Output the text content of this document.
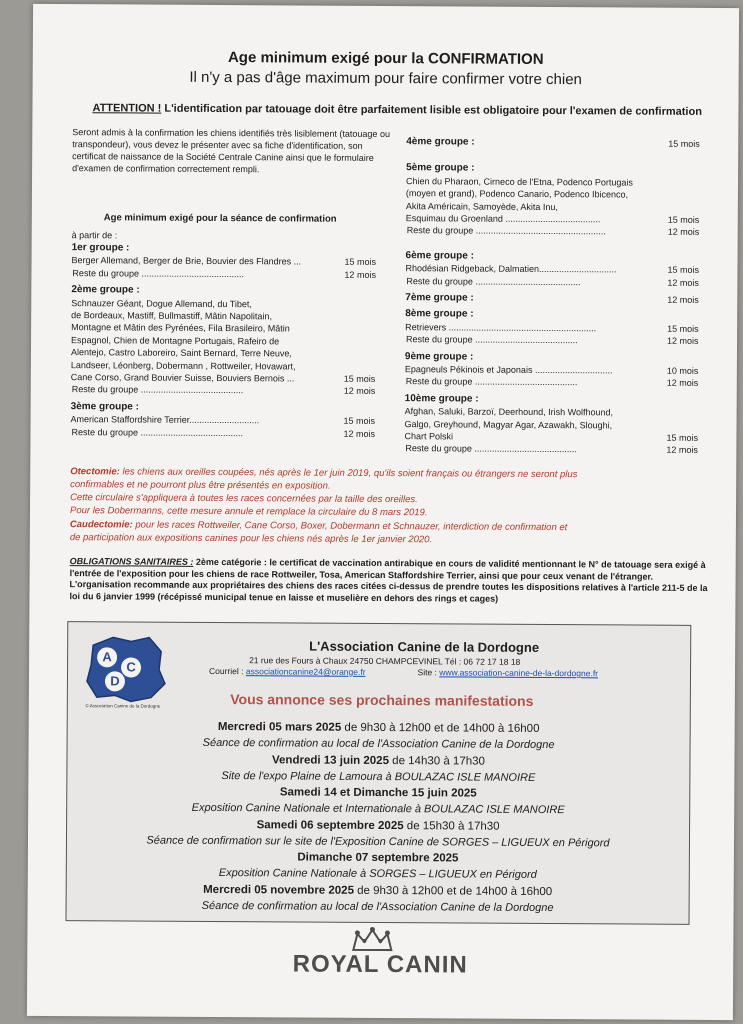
Age minimum exigé pour la CONFIRMATION
Il n'y a pas d'âge maximum pour faire confirmer votre chien
ATTENTION ! L'identification par tatouage doit être parfaitement lisible est obligatoire pour l'examen de confirmation
Seront admis à la confirmation les chiens identifiés très lisiblement (tatouage ou transpondeur), vous devez le présenter avec sa fiche d'identification, son certificat de naissance de la Société Centrale Canine ainsi que le formulaire d'examen de confirmation correctement rempli.
Age minimum exigé pour la séance de confirmation
à partir de :
Otectomie: les chiens aux oreilles coupées, nés après le 1er juin 2019, qu'ils soient français ou étrangers ne seront plus
confirmables et ne pourront plus être présentés en exposition.
Cette circulaire s'appliquera à toutes les races concernées par la taille des oreilles.
Pour les Dobermanns, cette mesure annule et remplace la circulaire du 8 mars 2019.
Caudectomie: pour les races Rottweiler, Cane Corso, Boxer, Dobermann et Schnauzer, interdiction de confirmation et
de participation aux expositions canines pour les chiens nés après le 1er janvier 2020.
OBLIGATIONS SANITAIRES : 2ème catégorie : le certificat de vaccination antirabique en cours de validité mentionnant le N° de tatouage sera exigé à l'entrée de l'exposition pour les chiens de race Rottweiler, Tosa, American Staffordshire Terrier, ainsi que pour ceux venant de l'étranger. L'organisation recommande aux propriétaires des chiens des races citées ci-dessus de prendre toutes les dispositions relatives à l'article 211-5 de la loi du 6 janvier 1999 (récépissé municipal tenue en laisse et muselière en dehors des rings et cages)
A
C
D
© Association Canine de la Dordogne
L'Association Canine de la Dordogne
21 rue des Fours à Chaux 24750 CHAMPCEVINEL Tél : 06 72 17 18 18
Courriel : associationcanine24@orange.fr	Site : www.association-canine-de-la-dordogne.fr
Vous annonce ses prochaines manifestations
ROYAL CANIN
1er groupe :
Berger Allemand, Berger de Brie, Bouvier des Flandres ...	15 mois
Reste du groupe .........................................	12 mois
2ème groupe :
Schnauzer Géant, Dogue Allemand, du Tibet,
de Bordeaux, Mastiff, Bullmastiff, Mâtin Napolitain,
Montagne et Mâtin des Pyrénées, Fila Brasileiro, Mâtin
Espagnol, Chien de Montagne Portugais, Rafeiro de
Alentejo, Castro Laboreiro, Saint Bernard, Terre Neuve,
Landseer, Léonberg, Dobermann , Rottweiler, Hovawart,
Cane Corso, Grand Bouvier Suisse, Bouviers Bernois ...	15 mois
Reste du groupe .........................................	12 mois
3ème groupe :
American Staffordshire Terrier............................	15 mois
Reste du groupe .........................................	12 mois
4ème groupe :	15 mois
5ème groupe :
Chien du Pharaon, Cirneco de l'Etna, Podenco Portugais
(moyen et grand), Podenco Canario, Podenco Ibicenco,
Akita Américain, Samoyède, Akita Inu,
Esquimau du Groenland ......................................	15 mois
Reste du groupe ....................................................	12 mois
6ème groupe :
Rhodésian Ridgeback, Dalmatien...............................	15 mois
Reste du groupe ..........................................	12 mois
7ème groupe :	12 mois
8ème groupe :
Retrievers ...........................................................	15 mois
Reste du groupe .........................................	12 mois
9ème groupe :
Epagneuls Pékinois et Japonais ...............................	10 mois
Reste du groupe .........................................	12 mois
10ème groupe :
Afghan, Saluki, Barzoï, Deerhound, Irish Wolfhound,
Galgo, Greyhound, Magyar Agar, Azawakh, Sloughi,
Chart Polski	15 mois
Reste du groupe .........................................	12 mois
Mercredi 05 mars 2025 de 9h30 à 12h00 et de 14h00 à 16h00
Séance de confirmation au local de l'Association Canine de la Dordogne
Vendredi 13 juin 2025 de 14h30 à 17h30
Site de l'expo Plaine de Lamoura à BOULAZAC ISLE MANOIRE
Samedi 14 et Dimanche 15 juin 2025
Exposition Canine Nationale et Internationale à BOULAZAC ISLE MANOIRE
Samedi 06 septembre 2025 de 15h30 à 17h30
Séance de confirmation sur le site de l'Exposition Canine de SORGES – LIGUEUX en Périgord
Dimanche 07 septembre 2025
Exposition Canine Nationale à SORGES – LIGUEUX en Périgord
Mercredi 05 novembre 2025 de 9h30 à 12h00 et de 14h00 à 16h00
Séance de confirmation au local de l'Association Canine de la Dordogne
